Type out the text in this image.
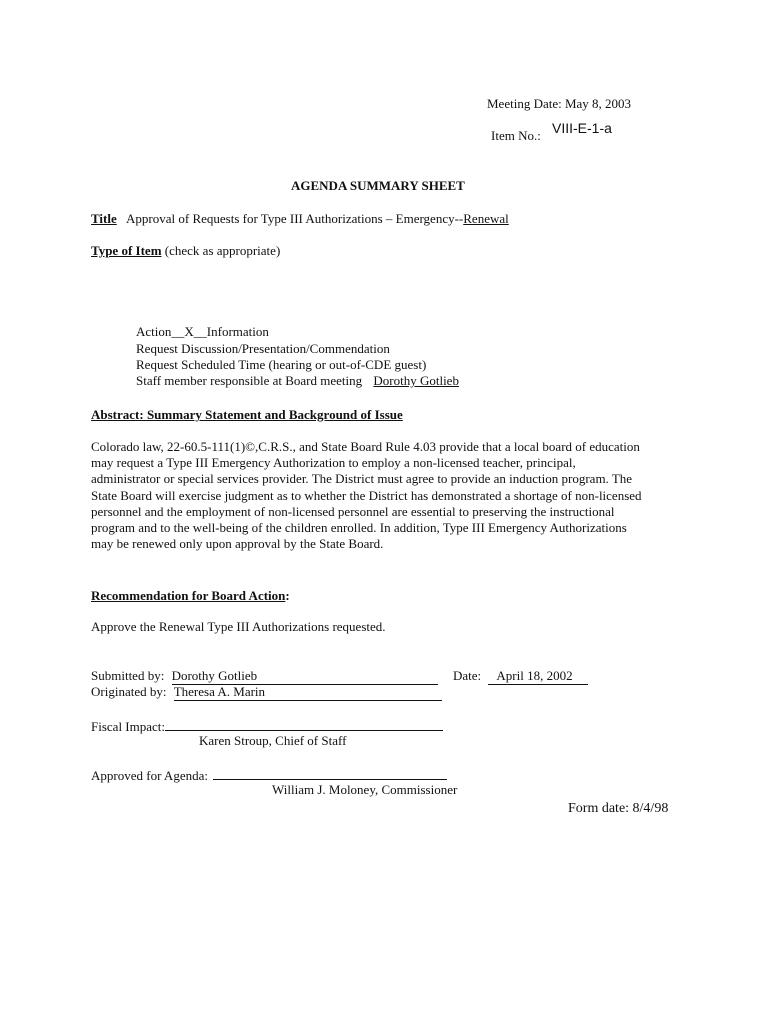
Meeting Date: May 8, 2003
Item No.: VIII-E-1-a
AGENDA SUMMARY SHEET
Title Approval of Requests for Type III Authorizations – Emergency--Renewal
Type of Item (check as appropriate)
Action__X__Information
Request Discussion/Presentation/Commendation
Request Scheduled Time (hearing or out-of-CDE guest)
Staff member responsible at Board meeting Dorothy Gotlieb
Abstract: Summary Statement and Background of Issue
Colorado law, 22-60.5-111(1)©,C.R.S., and State Board Rule 4.03 provide that a local board of education
may request a Type III Emergency Authorization to employ a non-licensed teacher, principal,
administrator or special services provider. The District must agree to provide an induction program. The
State Board will exercise judgment as to whether the District has demonstrated a shortage of non-licensed
personnel and the employment of non-licensed personnel are essential to preserving the instructional
program and to the well-being of the children enrolled. In addition, Type III Emergency Authorizations
may be renewed only upon approval by the State Board.
Recommendation for Board Action:
Approve the Renewal Type III Authorizations requested.
Submitted by: Dorothy Gotlieb	Date: April 18, 2002
Originated by: Theresa A. Marin
Fiscal Impact:
Karen Stroup, Chief of Staff
Approved for Agenda:
William J. Moloney, Commissioner
Form date: 8/4/98
